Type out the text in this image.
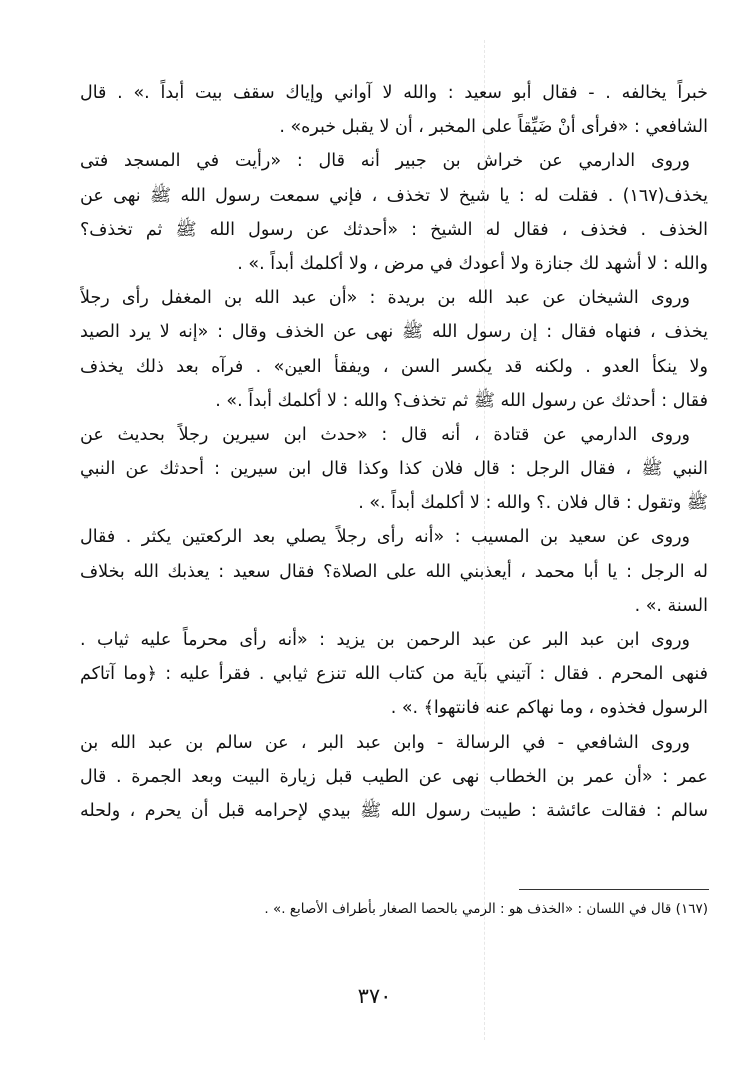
خبراً يخالفه . - فقال أبو سعيد : والله لا آواني وإياك سقف بيت أبداً .» . قال
الشافعي : «فرأى أنْ ضَيِّقاً على المخبر ، أن لا يقبل خبره» .
وروى الدارمي عن خراش بن جبير أنه قال : «رأيت في المسجد فتى
يخذف(١٦٧) . فقلت له : يا شيخ لا تخذف ، فإني سمعت رسول الله ﷺ نهى عن
الخذف . فخذف ، فقال له الشيخ : «أحدثك عن رسول الله ﷺ ثم تخذف؟
والله : لا أشهد لك جنازة ولا أعودك في مرض ، ولا أكلمك أبداً .» .
وروى الشيخان عن عبد الله بن بريدة : «أن عبد الله بن المغفل رأى رجلاً
يخذف ، فنهاه فقال : إن رسول الله ﷺ نهى عن الخذف وقال : «إنه لا يرد الصيد
ولا ينكأ العدو . ولكنه قد يكسر السن ، ويفقأ العين» . فرآه بعد ذلك يخذف
فقال : أحدثك عن رسول الله ﷺ ثم تخذف؟ والله : لا أكلمك أبداً .» .
وروى الدارمي عن قتادة ، أنه قال : «حدث ابن سيرين رجلاً بحديث عن
النبي ﷺ ، فقال الرجل : قال فلان كذا وكذا قال ابن سيرين : أحدثك عن النبي
ﷺ وتقول : قال فلان .؟ والله : لا أكلمك أبداً .» .
وروى عن سعيد بن المسيب : «أنه رأى رجلاً يصلي بعد الركعتين يكثر . فقال
له الرجل : يا أبا محمد ، أيعذبني الله على الصلاة؟ فقال سعيد : يعذبك الله بخلاف
السنة .» .
وروى ابن عبد البر عن عبد الرحمن بن يزيد : «أنه رأى محرماً عليه ثياب .
فنهى المحرم . فقال : آتيني بآية من كتاب الله تنزع ثيابي . فقرأ عليه : ﴿وما آتاكم
الرسول فخذوه ، وما نهاكم عنه فانتهوا﴾ .» .
وروى الشافعي - في الرسالة - وابن عبد البر ، عن سالم بن عبد الله بن
عمر : «أن عمر بن الخطاب نهى عن الطيب قبل زيارة البيت وبعد الجمرة . قال
سالم : فقالت عائشة : طيبت رسول الله ﷺ بيدي لإحرامه قبل أن يحرم ، ولحله
(١٦٧) قال في اللسان : «الخذف هو : الرمي بالحصا الصغار بأطراف الأصابع .» .
٣٧٠
